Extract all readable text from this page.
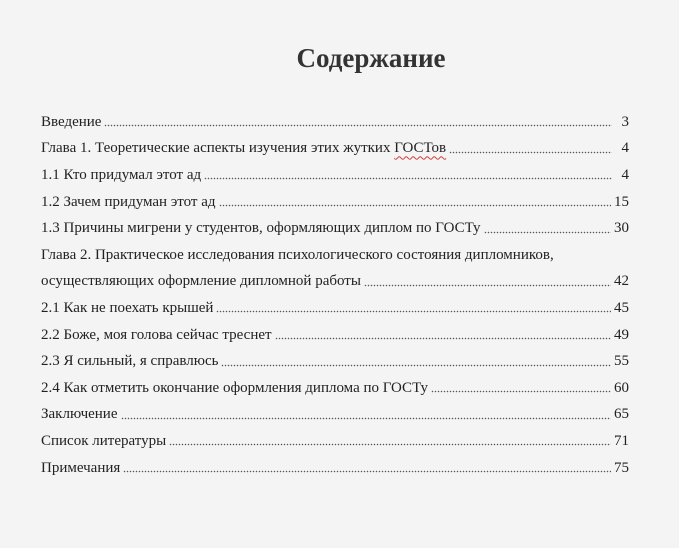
Содержание
Введение	3
Глава 1. Теоретические аспекты изучения этих жутких ГОСТов	4
1.1 Кто придумал этот ад	4
1.2 Зачем придуман этот ад	15
1.3 Причины мигрени у студентов, оформляющих диплом по ГОСТу	30
Глава 2. Практическое исследования психологического состояния дипломников,
осуществляющих оформление дипломной работы	42
2.1 Как не поехать крышей	45
2.2 Боже, моя голова сейчас треснет	49
2.3 Я сильный, я справлюсь	55
2.4 Как отметить окончание оформления диплома по ГОСТу	60
Заключение	65
Список литературы	71
Примечания	75
